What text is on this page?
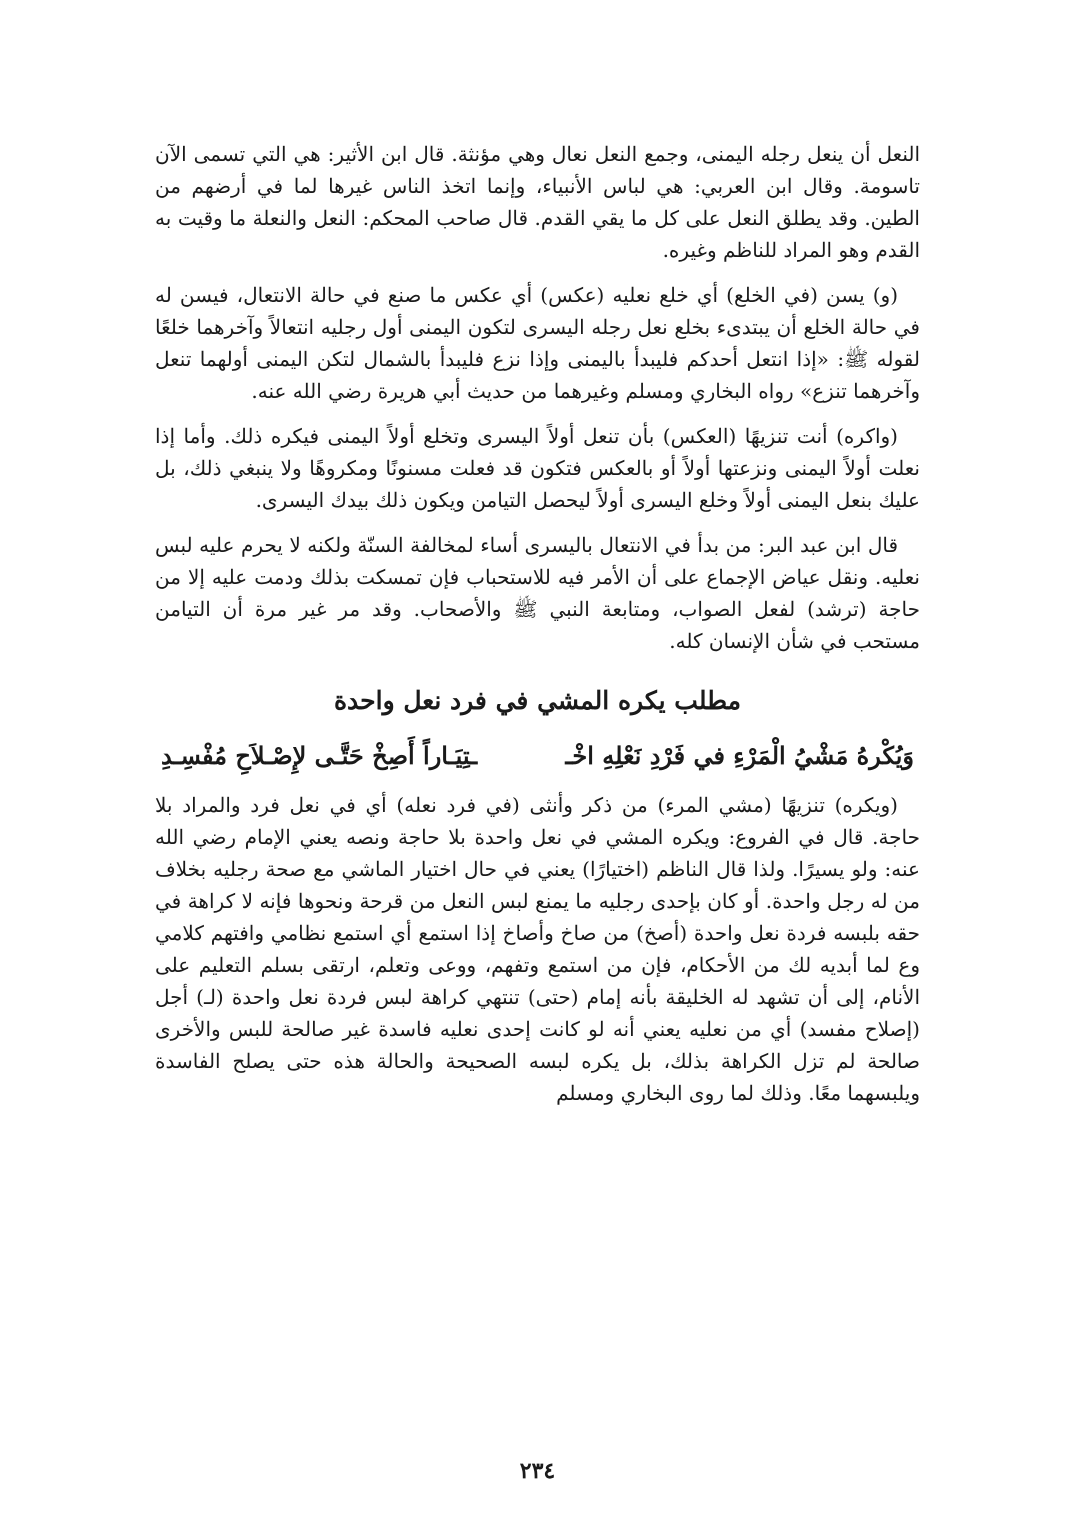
النعل أن ينعل رجله اليمنى، وجمع النعل نعال وهي مؤنثة. قال ابن الأثير: هي التي تسمى الآن تاسومة. وقال ابن العربي: هي لباس الأنبياء، وإنما اتخذ الناس غيرها لما في أرضهم من الطين. وقد يطلق النعل على كل ما يقي القدم. قال صاحب المحكم: النعل والنعلة ما وقيت به القدم وهو المراد للناظم وغيره.

(و) يسن (في الخلع) أي خلع نعليه (عكس) أي عكس ما صنع في حالة الانتعال، فيسن له في حالة الخلع أن يبتدىء بخلع نعل رجله اليسرى لتكون اليمنى أول رجليه انتعالاً وآخرهما خلعًا لقوله ﷺ: «إذا انتعل أحدكم فليبدأ باليمنى وإذا نزع فليبدأ بالشمال لتكن اليمنى أولهما تنعل وآخرهما تنزع» رواه البخاري ومسلم وغيرهما من حديث أبي هريرة رضي الله عنه.

(واكره) أنت تنزيهًا (العكس) بأن تنعل أولاً اليسرى وتخلع أولاً اليمنى فيكره ذلك. وأما إذا نعلت أولاً اليمنى ونزعتها أولاً أو بالعكس فتكون قد فعلت مسنونًا ومكروهًا ولا ينبغي ذلك، بل عليك بنعل اليمنى أولاً وخلع اليسرى أولاً ليحصل التيامن ويكون ذلك بيدك اليسرى.

قال ابن عبد البر: من بدأ في الانتعال باليسرى أساء لمخالفة السنّة ولكنه لا يحرم عليه لبس نعليه. ونقل عياض الإجماع على أن الأمر فيه للاستحباب فإن تمسكت بذلك ودمت عليه إلا من حاجة (ترشد) لفعل الصواب، ومتابعة النبي ﷺ والأصحاب. وقد مر غير مرة أن التيامن مستحب في شأن الإنسان كله.

مطلب يكره المشي في فرد نعل واحدة
وَيُكْرهُ مَشْيُ الْمَرْءِ في فَرْدِ نَعْلِهِ اخْـ
ـتِيَـاراً أَصِخْ حَتَّـى لإِصْـلاَحِ مُفْسِـدِ

(ويكره) تنزيهًا (مشي المرء) من ذكر وأنثى (في فرد نعله) أي في نعل فرد والمراد بلا حاجة. قال في الفروع: ويكره المشي في نعل واحدة بلا حاجة ونصه يعني الإمام رضي الله عنه: ولو يسيرًا. ولذا قال الناظم (اختيارًا) يعني في حال اختيار الماشي مع صحة رجليه بخلاف من له رجل واحدة. أو كان بإحدى رجليه ما يمنع لبس النعل من قرحة ونحوها فإنه لا كراهة في حقه بلبسه فردة نعل واحدة (أصخ) من صاخ وأصاخ إذا استمع أي استمع نظامي وافتهم كلامي وع لما أبديه لك من الأحكام، فإن من استمع وتفهم، ووعى وتعلم، ارتقى بسلم التعليم على الأنام، إلى أن تشهد له الخليقة بأنه إمام (حتى) تنتهي كراهة لبس فردة نعل واحدة (لـ) أجل (إصلاح مفسد) أي من نعليه يعني أنه لو كانت إحدى نعليه فاسدة غير صالحة للبس والأخرى صالحة لم تزل الكراهة بذلك، بل يكره لبسه الصحيحة والحالة هذه حتى يصلح الفاسدة ويلبسهما معًا. وذلك لما روى البخاري ومسلم

٢٣٤
